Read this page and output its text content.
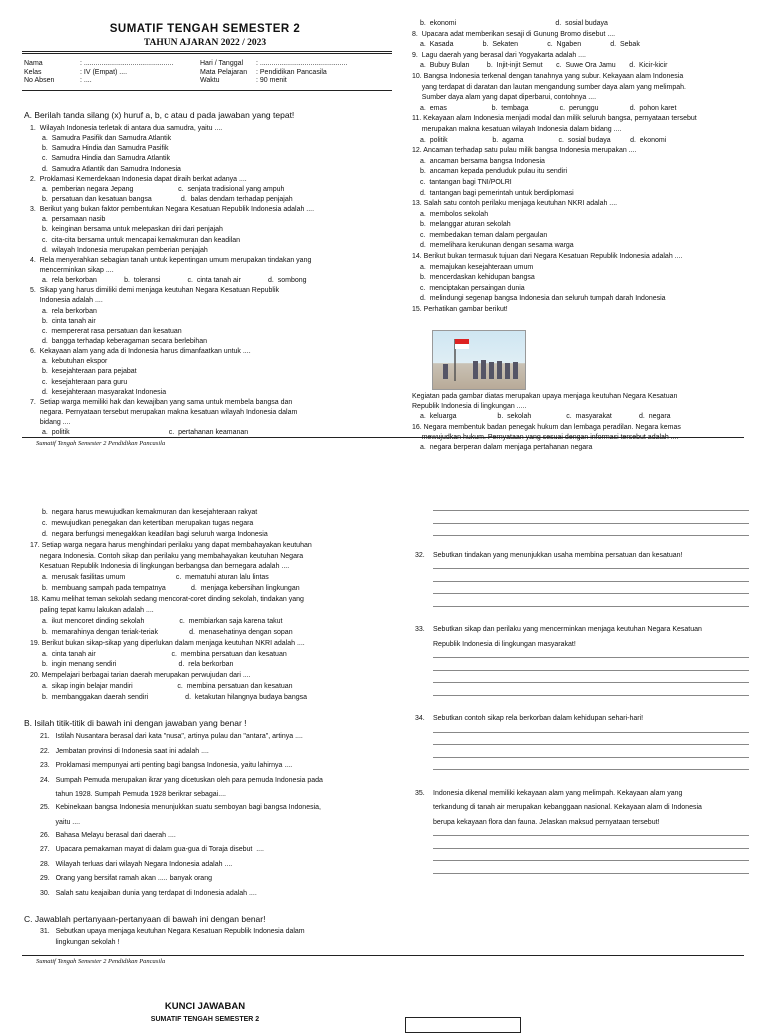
SUMATIF TENGAH SEMESTER 2
TAHUN AJARAN 2022 / 2023
Nama	: ..............................................
Kelas	: IV (Empat) ....
No Absen	: ....
Hari / Tanggal	: .............................................
Mata Pelajaran	: Pendidikan Pancasila
Waktu	: 90 menit
A. Berilah tanda silang (x) huruf a, b, c atau d pada jawaban yang tepat!
1.  Wilayah Indonesia terletak di antara dua samudra, yaitu ....
a.  Samudra Pasifik dan Samudra Atlantik
b.  Samudra Hindia dan Samudra Pasifik
c.  Samudra Hindia dan Samudra Atlantik
d.  Samudra Atlantik dan Samudra Indonesia
2.  Proklamasi Kemerdekaan Indonesia dapat diraih berkat adanya ....
a.  pemberian negara Jepang                       c.  senjata tradisional yang ampuh
b.  persatuan dan kesatuan bangsa               d.  balas dendam terhadap penjajah
3.  Berikut yang bukan faktor pembentukan Negara Kesatuan Republik Indonesia adalah ....
a.  persamaan nasib
b.  keinginan bersama untuk melepaskan diri dari penjajah
c.  cita-cita bersama untuk mencapai kemakmuran dan keadilan
d.  wilayah Indonesia merupakan pemberian penjajah
4.  Rela menyerahkan sebagian tanah untuk kepentingan umum merupakan tindakan yang
mencerminkan sikap ....
a.  rela berkorban              b.  toleransi              c.  cinta tanah air              d.  sombong
5.  Sikap yang harus dimiliki demi menjaga keutuhan Negara Kesatuan Republik
Indonesia adalah ....
a.  rela berkorban
b.  cinta tanah air
c.  mempererat rasa persatuan dan kesatuan
d.  bangga terhadap keberagaman secara berlebihan
6.  Kekayaan alam yang ada di Indonesia harus dimanfaatkan untuk ....
a.  kebutuhan ekspor
b.  kesejahteraan para pejabat
c.  kesejahteraan para guru
d.  kesejahteraan masyarakat Indonesia
7.  Setiap warga memiliki hak dan kewajiban yang sama untuk membela bangsa dan
negara. Pernyataan tersebut merupakan makna kesatuan wilayah Indonesia dalam
bidang ....
a.  politik                                                   c.  pertahanan keamanan
b.  ekonomi                                                   d.  sosial budaya
8.  Upacara adat memberikan sesaji di Gunung Bromo disebut ....
a.  Kasada               b.  Sekaten               c.  Ngaben               d.  Sebak
9.  Lagu daerah yang berasal dari Yogyakarta adalah ....
a.  Bubuy Bulan         b.  Injit-injit Semut       c.  Suwe Ora Jamu       d.  Kicir-kicir
10. Bangsa Indonesia terkenal dengan tanahnya yang subur. Kekayaan alam Indonesia
yang terdapat di daratan dan lautan mengandung sumber daya alam yang melimpah.
Sumber daya alam yang dapat diperbarui, contohnya ....
a.  emas                       b.  tembaga                c.  perunggu                d.  pohon karet
11. Kekayaan alam Indonesia menjadi modal dan milik seluruh bangsa, pernyataan tersebut
merupakan makna kesatuan wilayah Indonesia dalam bidang ....
a.  politik                       b.  agama                  c.  sosial budaya          d.  ekonomi
12. Ancaman terhadap satu pulau milik bangsa Indonesia merupakan ....
a.  ancaman bersama bangsa Indonesia
b.  ancaman kepada penduduk pulau itu sendiri
c.  tantangan bagi TNI/POLRI
d.  tantangan bagi pemerintah untuk berdiplomasi
13. Salah satu contoh perilaku menjaga keutuhan NKRI adalah ....
a.  membolos sekolah
b.  melanggar aturan sekolah
c.  membedakan teman dalam pergaulan
d.  memelihara kerukunan dengan sesama warga
14. Berikut bukan termasuk tujuan dari Negara Kesatuan Republik Indonesia adalah ....
a.  memajukan kesejahteraan umum
b.  mencerdaskan kehidupan bangsa
c.  menciptakan persaingan dunia
d.  melindungi segenap bangsa Indonesia dan seluruh tumpah darah Indonesia
15. Perhatikan gambar berikut!
Kegiatan pada gambar diatas merupakan upaya menjaga keutuhan Negara Kesatuan
Republik Indonesia di lingkungan .....
a.  keluarga                     b.  sekolah                  c.  masyarakat              d.  negara
16. Negara membentuk badan penegak hukum dan lembaga peradilan. Negara kemas
a.  negara berperan dalam menjaga pertahanan negara
Sumatif Tengah Semester 2 Pendidikan Pancasila
b.  negara harus mewujudkan kemakmuran dan kesejahteraan rakyat
c.  mewujudkan penegakan dan ketertiban merupakan tugas negara
d.  negara berfungsi menegakkan keadilan bagi seluruh warga Indonesia
17. Setiap warga negara harus menghindari perilaku yang dapat membahayakan keutuhan
negara Indonesia. Contoh sikap dan perilaku yang membahayakan keutuhan Negara
Kesatuan Republik Indonesia di lingkungan berbangsa dan bernegara adalah ....
a.  merusak fasilitas umum                          c.  mematuhi aturan lalu lintas
b.  membuang sampah pada tempatnya             d.  menjaga kebersihan lingkungan
18. Kamu melihat teman sekolah sedang mencorat-coret dinding sekolah, tindakan yang
paling tepat kamu lakukan adalah ....
a.  ikut mencoret dinding sekolah                  c.  membiarkan saja karena takut
b.  memarahinya dengan teriak-teriak                d.  menasehatinya dengan sopan
19. Berikut bukan sikap-sikap yang diperlukan dalam menjaga keutuhan NKRI adalah ....
a.  cinta tanah air                                       c.  membina persatuan dan kesatuan
b.  ingin menang sendiri                                d.  rela berkorban
20. Mempelajari berbagai tarian daerah merupakan perwujudan dari ....
a.  sikap ingin belajar mandiri                       c.  membina persatuan dan kesatuan
b.  membanggakan daerah sendiri                   d.  ketakutan hilangnya budaya bangsa
B. Isilah titik-titik di bawah ini dengan jawaban yang benar !
21.   Istilah Nusantara berasal dari kata "nusa", artinya pulau dan "antara", artinya ....
22.   Jembatan provinsi di Indonesia saat ini adalah ....
23.   Proklamasi mempunyai arti penting bagi bangsa Indonesia, yaitu lahirnya ....
24.   Sumpah Pemuda merupakan ikrar yang dicetuskan oleh para pemuda Indonesia pada
tahun 1928. Sumpah Pemuda 1928 berikrar sebagai....
25.   Kebinekaan bangsa Indonesia menunjukkan suatu semboyan bagi bangsa Indonesia,
yaitu ....
26.   Bahasa Melayu berasal dari daerah ....
27.   Upacara pemakaman mayat di dalam gua-gua di Toraja disebut  ....
28.   Wilayah terluas dari wilayah Negara Indonesia adalah ....
29.   Orang yang bersifat ramah akan ..... banyak orang
30.   Salah satu keajaiban dunia yang terdapat di Indonesia adalah ....
C. Jawablah pertanyaan-pertanyaan di bawah ini dengan benar!
31.   Sebutkan upaya menjaga keutuhan Negara Kesatuan Republik Indonesia dalam
lingkungan sekolah !
32. Sebutkan tindakan yang menunjukkan usaha membina persatuan dan kesatuan!
33. Sebutkan sikap dan perilaku yang mencerminkan menjaga keutuhan Negara Kesatuan
Republik Indonesia di lingkungan masyarakat!
34. Sebutkan contoh sikap rela berkorban dalam kehidupan sehari-hari!
35. Indonesia dikenal memiliki kekayaan alam yang melimpah. Kekayaan alam yang
terkandung di tanah air merupakan kebanggaan nasional. Kekayaan alam di Indonesia
berupa kekayaan flora dan fauna. Jelaskan maksud pernyataan tersebut!
Sumatif Tengah Semester 2 Pendidikan Pancasila
KUNCI JAWABAN
SUMATIF TENGAH SEMESTER 2
